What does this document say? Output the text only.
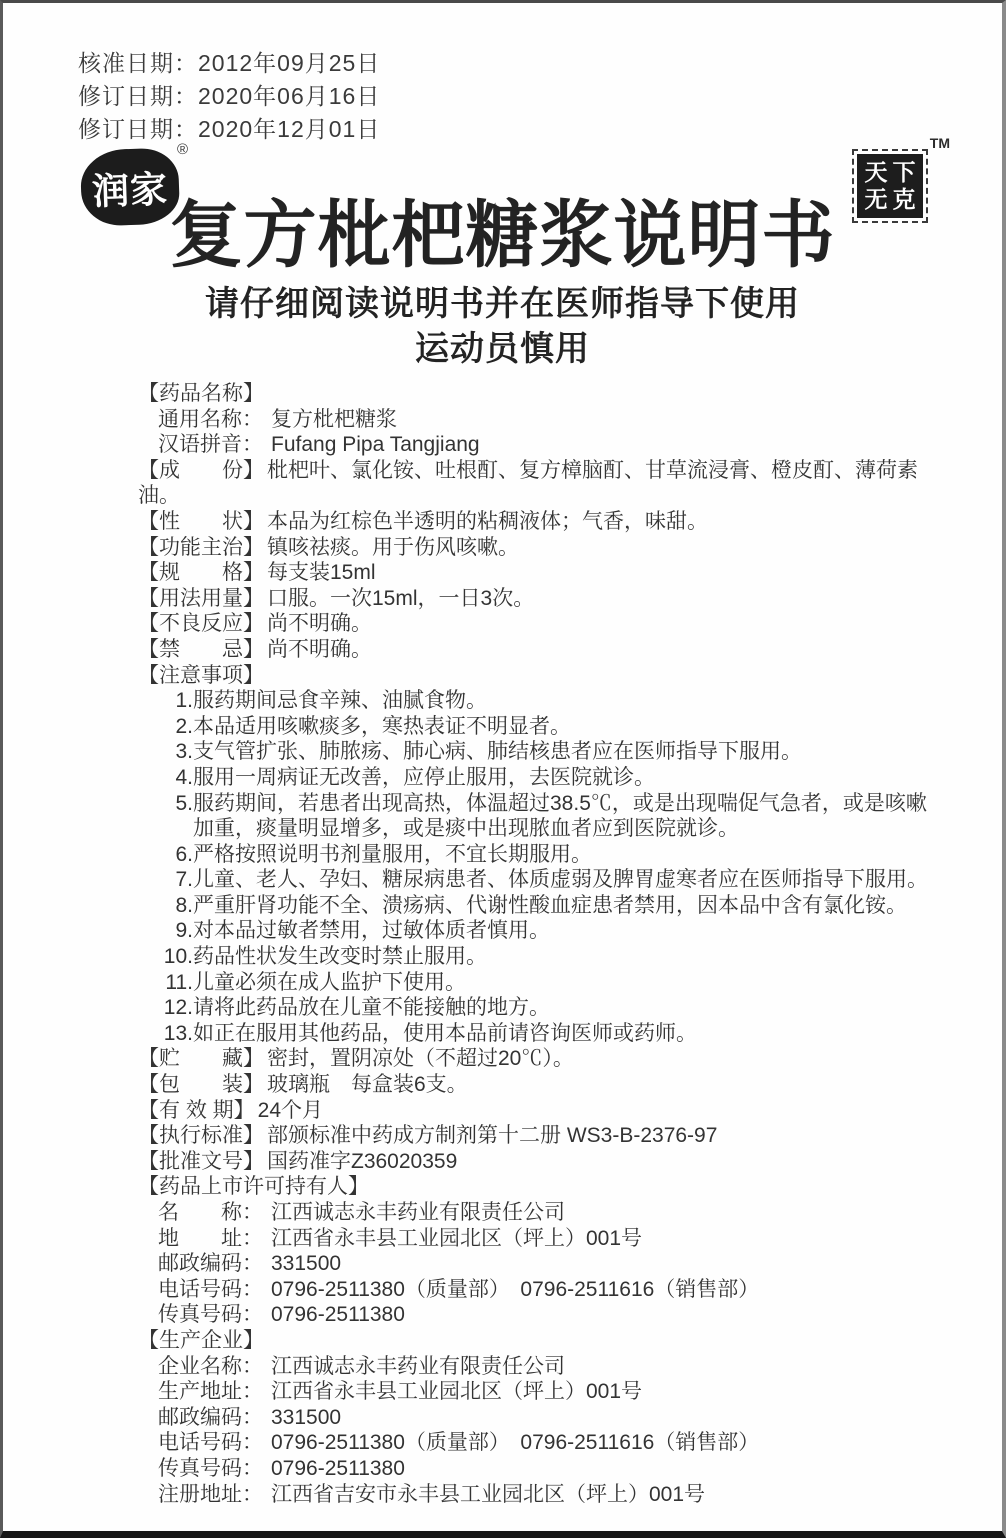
核准日期：2012年09月25日
修订日期：2020年06月16日
修订日期：2020年12月01日
润家
®	TM
天下
无克
复方枇杷糖浆说明书
请仔细阅读说明书并在医师指导下使用
运动员慎用
【药品名称】
通用名称： 复方枇杷糖浆
汉语拼音： Fufang Pipa Tangjiang
【成　　份】 枇杷叶、氯化铵、吐根酊、复方樟脑酊、甘草流浸膏、橙皮酊、薄荷素油。
【性　　状】 本品为红棕色半透明的粘稠液体；气香，味甜。
【功能主治】 镇咳祛痰。用于伤风咳嗽。
【规　　格】 每支装15ml
【用法用量】 口服。一次15ml，一日3次。
【不良反应】 尚不明确。
【禁　　忌】 尚不明确。
【注意事项】
1.服药期间忌食辛辣、油腻食物。
2.本品适用咳嗽痰多，寒热表证不明显者。
3.支气管扩张、肺脓疡、肺心病、肺结核患者应在医师指导下服用。
4.服用一周病证无改善，应停止服用，去医院就诊。
5.服药期间，若患者出现高热，体温超过38.5℃，或是出现喘促气急者，或是咳嗽加重，痰量明显增多，或是痰中出现脓血者应到医院就诊。
6.严格按照说明书剂量服用，不宜长期服用。
7.儿童、老人、孕妇、糖尿病患者、体质虚弱及脾胃虚寒者应在医师指导下服用。
8.严重肝肾功能不全、溃疡病、代谢性酸血症患者禁用，因本品中含有氯化铵。
9.对本品过敏者禁用，过敏体质者慎用。
10.药品性状发生改变时禁止服用。
11.儿童必须在成人监护下使用。
12.请将此药品放在儿童不能接触的地方。
13.如正在服用其他药品，使用本品前请咨询医师或药师。
【贮　　藏】 密封，置阴凉处（不超过20℃）。
【包　　装】 玻璃瓶　每盒装6支。
【有 效 期】 24个月
【执行标准】 部颁标准中药成方制剂第十二册 WS3-B-2376-97
【批准文号】 国药准字Z36020359
【药品上市许可持有人】
名　　称： 江西诚志永丰药业有限责任公司
地　　址： 江西省永丰县工业园北区（坪上）001号
邮政编码： 331500
电话号码： 0796-2511380（质量部）　0796-2511616（销售部）
传真号码： 0796-2511380
【生产企业】
企业名称： 江西诚志永丰药业有限责任公司
生产地址： 江西省永丰县工业园北区（坪上）001号
邮政编码： 331500
电话号码： 0796-2511380（质量部）　0796-2511616（销售部）
传真号码： 0796-2511380
注册地址： 江西省吉安市永丰县工业园北区（坪上）001号
